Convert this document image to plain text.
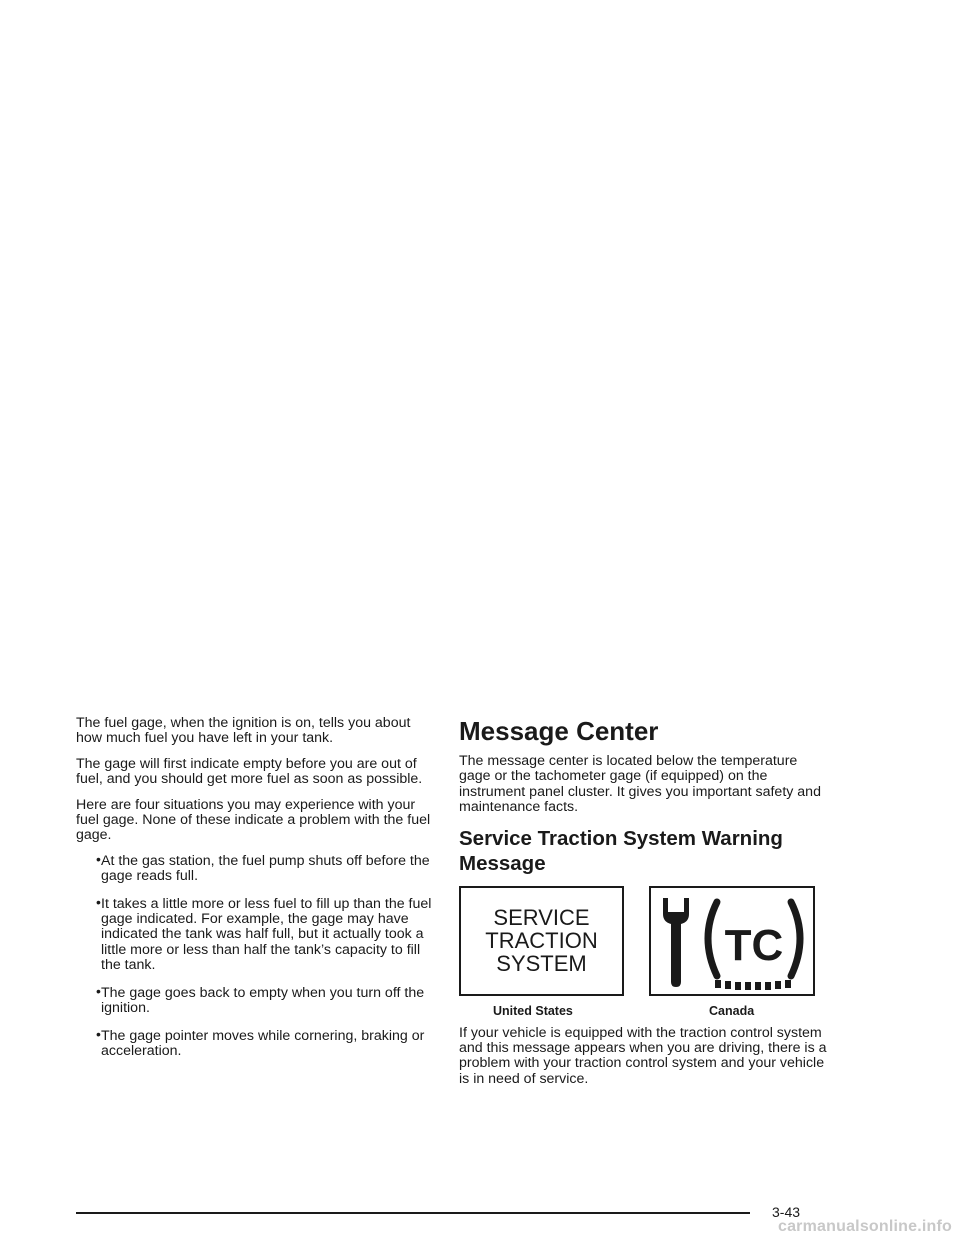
The fuel gage, when the ignition is on, tells you about how much fuel you have left in your tank.

The gage will first indicate empty before you are out of fuel, and you should get more fuel as soon as possible.

Here are four situations you may experience with your fuel gage. None of these indicate a problem with the fuel gage.

• At the gas station, the fuel pump shuts off before the gage reads full.
• It takes a little more or less fuel to fill up than the fuel gage indicated. For example, the gage may have indicated the tank was half full, but it actually took a little more or less than half the tank’s capacity to fill the tank.
• The gage goes back to empty when you turn off the ignition.
• The gage pointer moves while cornering, braking or acceleration.
Message Center

The message center is located below the temperature gage or the tachometer gage (if equipped) on the instrument panel cluster. It gives you important safety and maintenance facts.

Service Traction System Warning Message
SERVICE
TRACTION
SYSTEM	TC
United States	Canada

If your vehicle is equipped with the traction control system and this message appears when you are driving, there is a problem with your traction control system and your vehicle is in need of service.

3-43
carmanualsonline.info
